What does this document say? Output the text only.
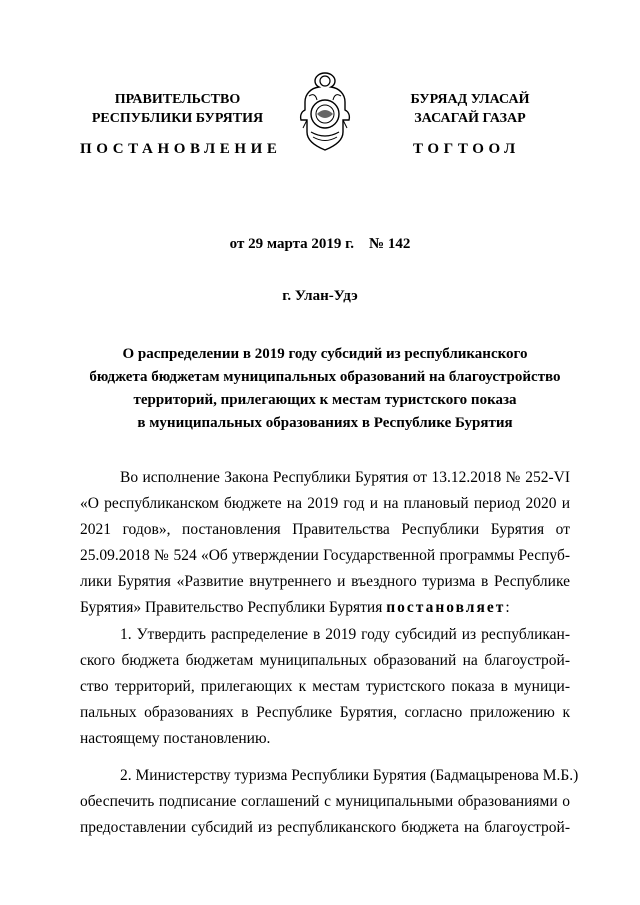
ПРАВИТЕЛЬСТВО
РЕСПУБЛИКИ БУРЯТИЯ
БУРЯАД УЛАСАЙ
ЗАСАГАЙ ГАЗАР
ПОСТАНОВЛЕНИЕ	ТОГТООЛ
от 29 марта 2019 г.    № 142
г. Улан-Удэ
О распределении в 2019 году субсидий из республиканского
бюджета бюджетам муниципальных образований на благоустройство
территорий, прилегающих к местам туристского показа
в муниципальных образованиях в Республике Бурятия
Во исполнение Закона Республики Бурятия от 13.12.2018 № 252-VI
«О республиканском бюджете на 2019 год и на плановый период 2020 и
2021 годов», постановления Правительства Республики Бурятия от
25.09.2018 № 524 «Об утверждении Государственной программы Респуб-
лики Бурятия «Развитие внутреннего и въездного туризма в Республике
Бурятия» Правительство Республики Бурятия постановляет:
1. Утвердить распределение в 2019 году субсидий из республикан-
ского бюджета бюджетам муниципальных образований на благоустрой-
ство территорий, прилегающих к местам туристского показа в муници-
пальных образованиях в Республике Бурятия, согласно приложению к
настоящему постановлению.
2. Министерству туризма Республики Бурятия (Бадмацыренова М.Б.)
обеспечить подписание соглашений с муниципальными образованиями о
предоставлении субсидий из республиканского бюджета на благоустрой-
